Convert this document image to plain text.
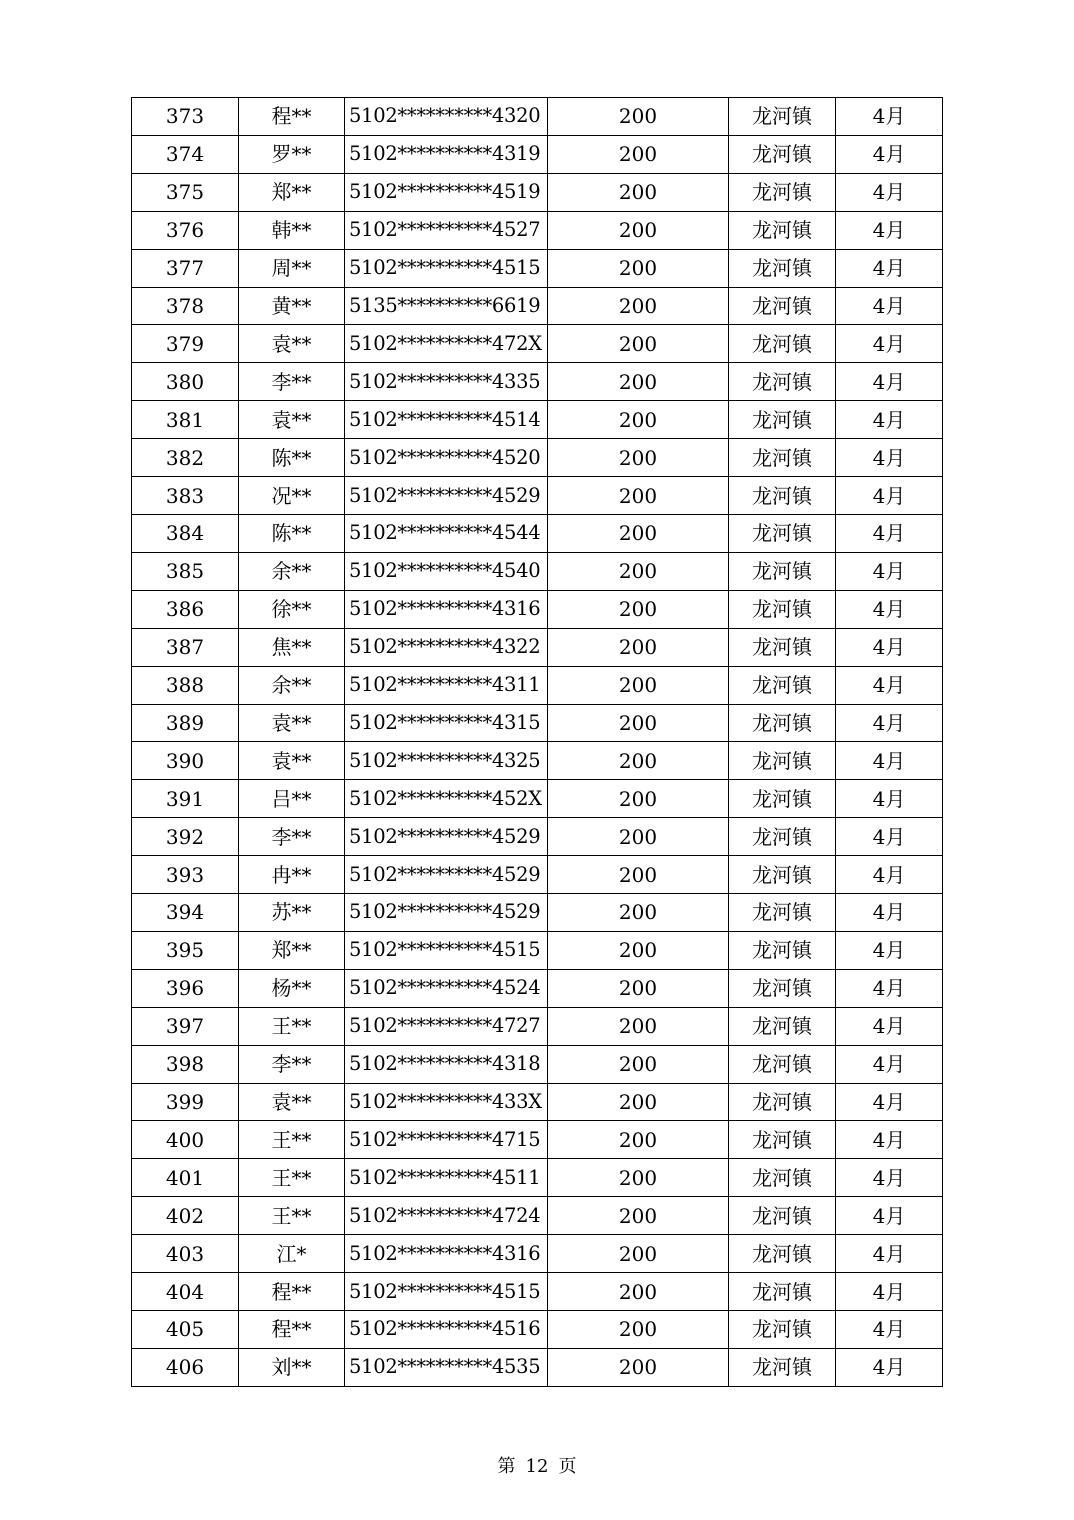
373	程**	5102**********4320	200	龙河镇	4月
374	罗**	5102**********4319	200	龙河镇	4月
375	郑**	5102**********4519	200	龙河镇	4月
376	韩**	5102**********4527	200	龙河镇	4月
377	周**	5102**********4515	200	龙河镇	4月
378	黄**	5135**********6619	200	龙河镇	4月
379	袁**	5102**********472X	200	龙河镇	4月
380	李**	5102**********4335	200	龙河镇	4月
381	袁**	5102**********4514	200	龙河镇	4月
382	陈**	5102**********4520	200	龙河镇	4月
383	况**	5102**********4529	200	龙河镇	4月
384	陈**	5102**********4544	200	龙河镇	4月
385	余**	5102**********4540	200	龙河镇	4月
386	徐**	5102**********4316	200	龙河镇	4月
387	焦**	5102**********4322	200	龙河镇	4月
388	余**	5102**********4311	200	龙河镇	4月
389	袁**	5102**********4315	200	龙河镇	4月
390	袁**	5102**********4325	200	龙河镇	4月
391	吕**	5102**********452X	200	龙河镇	4月
392	李**	5102**********4529	200	龙河镇	4月
393	冉**	5102**********4529	200	龙河镇	4月
394	苏**	5102**********4529	200	龙河镇	4月
395	郑**	5102**********4515	200	龙河镇	4月
396	杨**	5102**********4524	200	龙河镇	4月
397	王**	5102**********4727	200	龙河镇	4月
398	李**	5102**********4318	200	龙河镇	4月
399	袁**	5102**********433X	200	龙河镇	4月
400	王**	5102**********4715	200	龙河镇	4月
401	王**	5102**********4511	200	龙河镇	4月
402	王**	5102**********4724	200	龙河镇	4月
403	江*	5102**********4316	200	龙河镇	4月
404	程**	5102**********4515	200	龙河镇	4月
405	程**	5102**********4516	200	龙河镇	4月
406	刘**	5102**********4535	200	龙河镇	4月
第 12 页
